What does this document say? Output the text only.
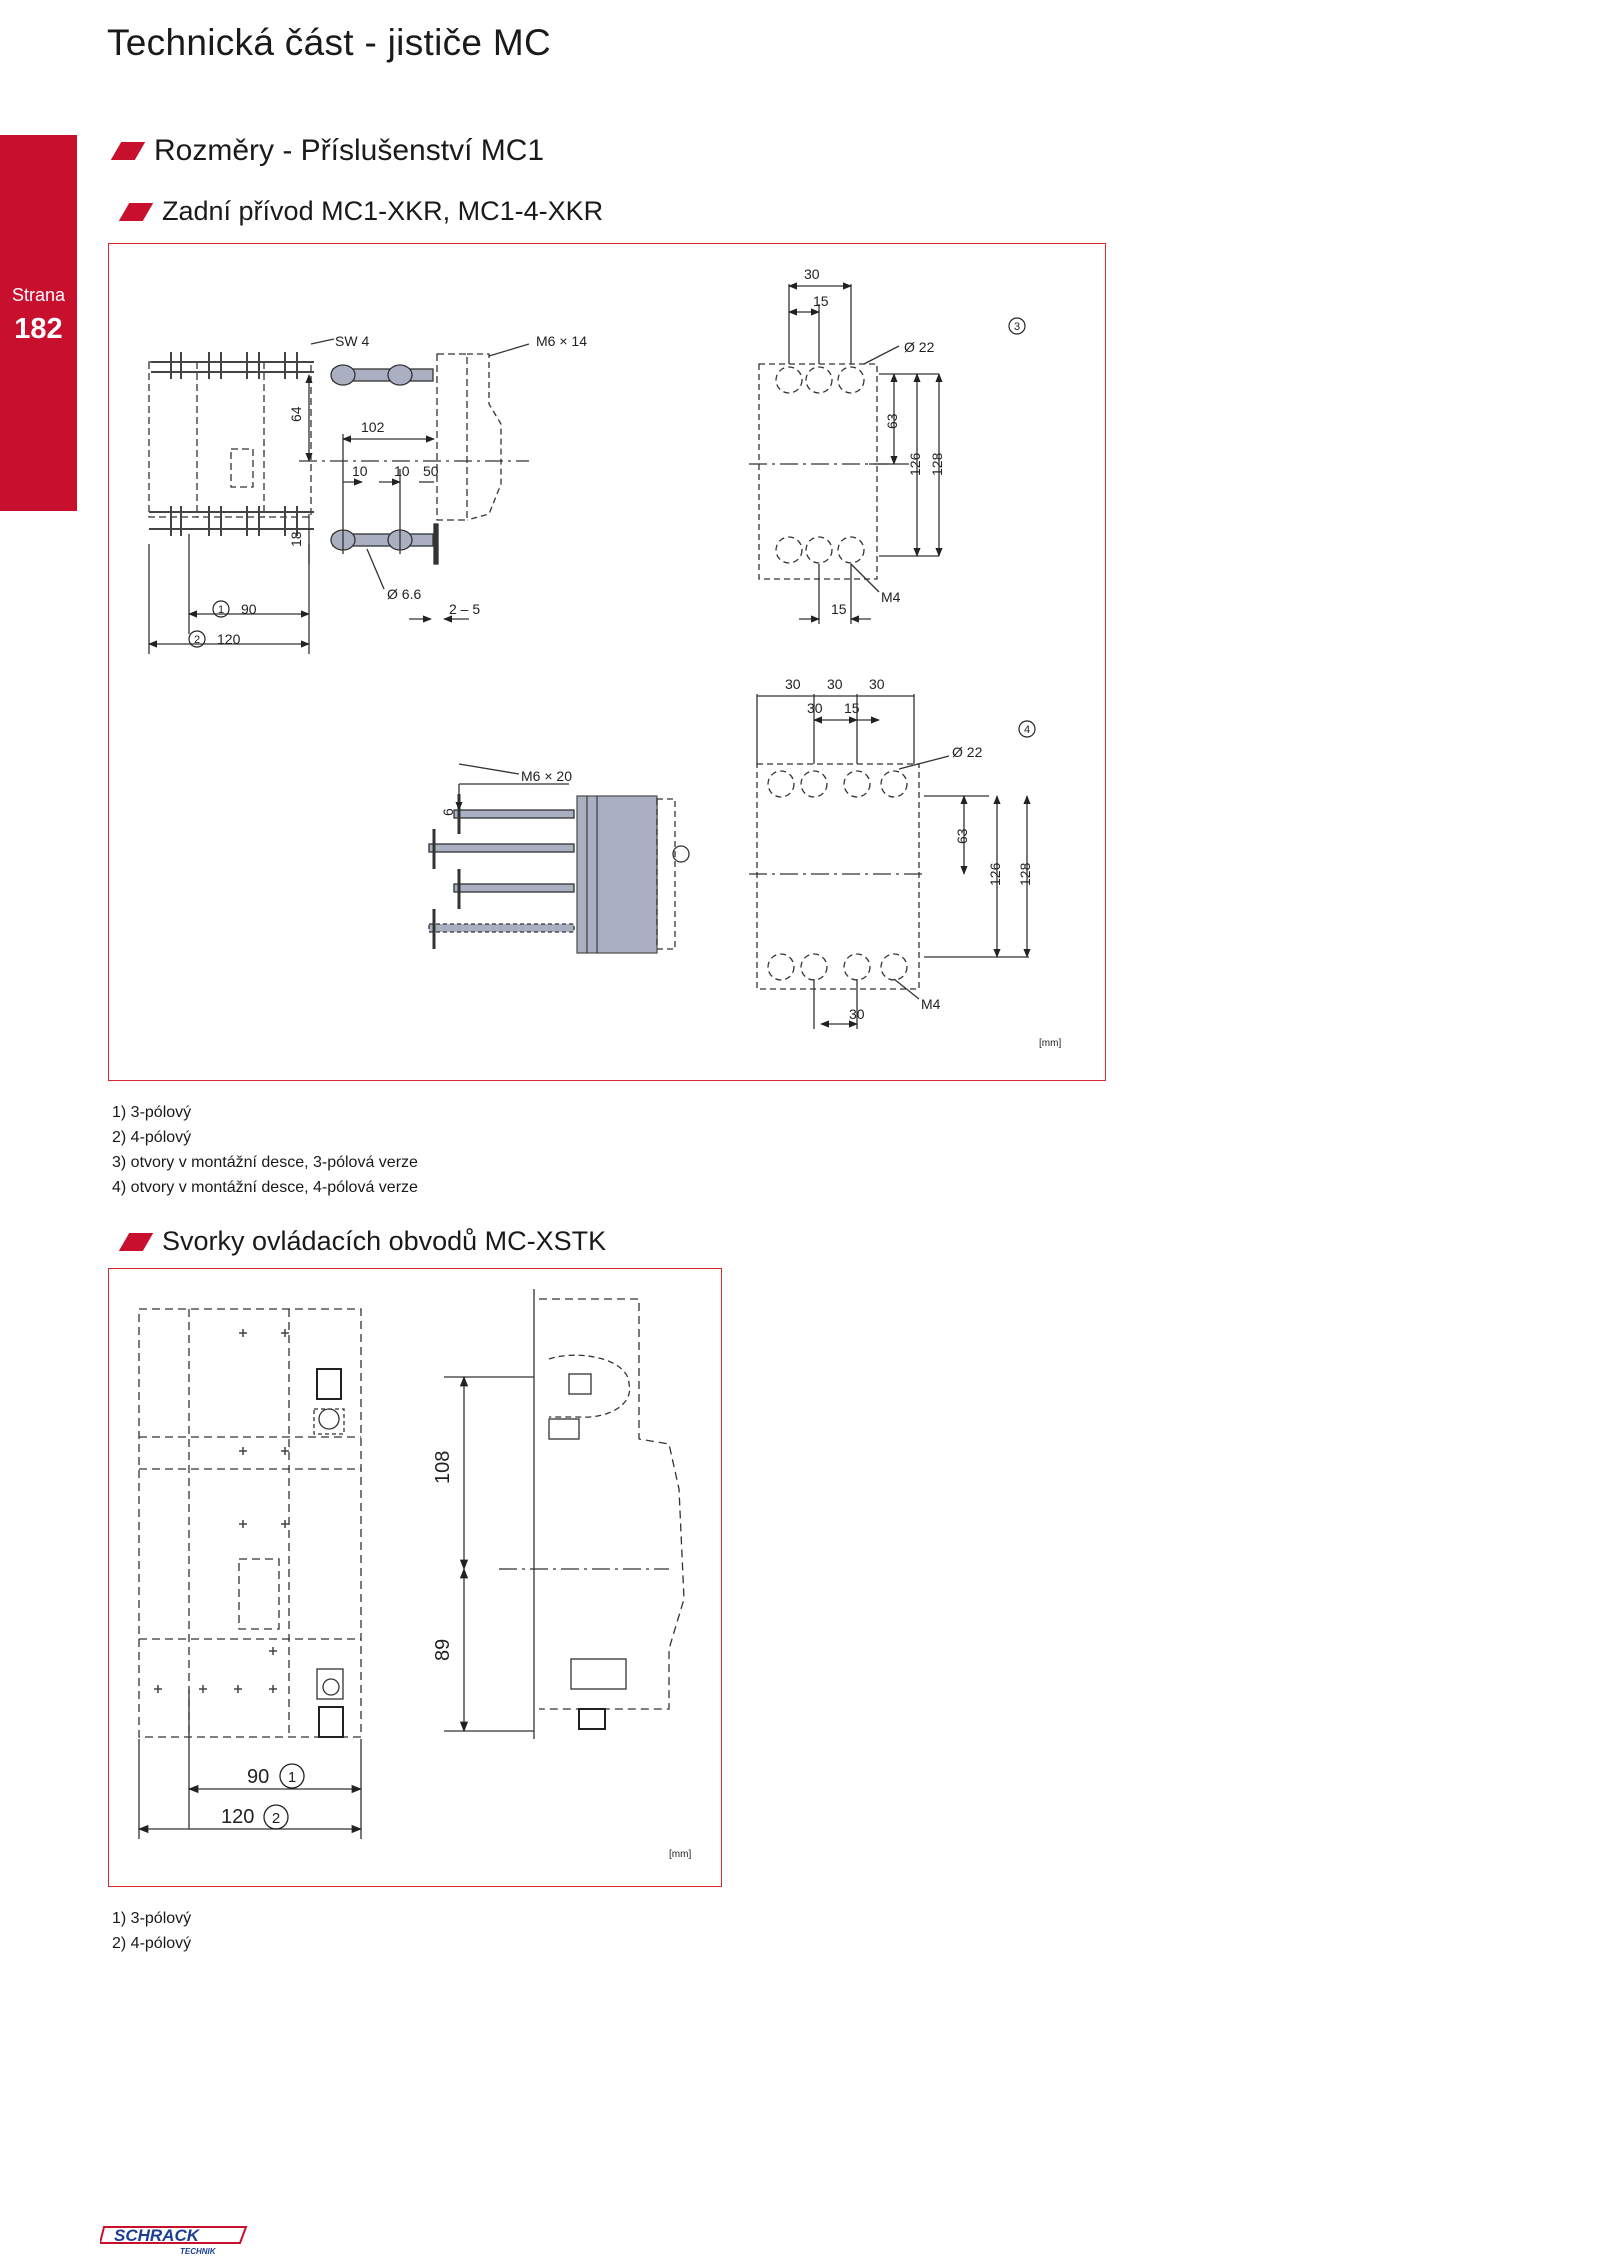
Technická část - jističe MC
Strana
182
Rozměry - Příslušenství MC1
Zadní přívod MC1-XKR, MC1-4-XKR
SW 4	M6 × 14
102
10 10 50
64
18
Ø 6.6
2 – 5
90
120
30
15
Ø 22
63
126 128
15
M4
30 30 30
30 15
Ø 22
63
126 128
M4
30
M6 × 20
6
[mm]
1
2
3
4
1) 3-pólový
2) 4-pólový
3) otvory v montážní desce, 3-pólová verze
4) otvory v montážní desce, 4-pólová verze
Svorky ovládacích obvodů MC-XSTK
108
89
90
120
[mm]
1
2
1) 3-pólový
2) 4-pólový
SCHRACK
TECHNIK
